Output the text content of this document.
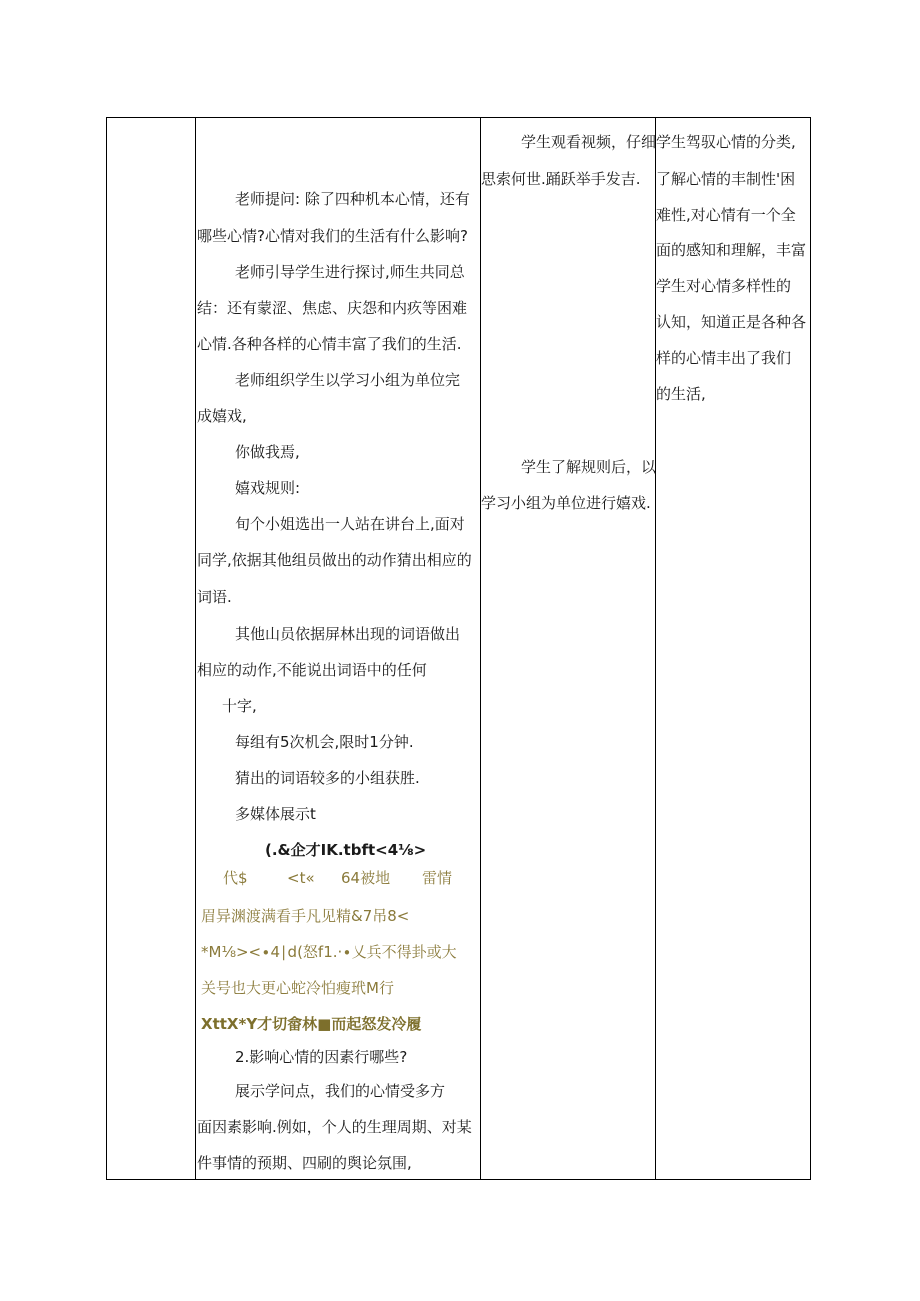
老师提问: 除了四种机本心情，还有
哪些心情?心情对我们的生活有什么影响?
老师引导学生进行探讨,师生共同总
结：还有蒙涩、焦虑、庆怨和内疚等困难
心情.各种各样的心情丰富了我们的生活.
老师组织学生以学习小组为单位完
成嬉戏,
你做我焉,
嬉戏规则:
旬个小姐选出一人站在讲台上,面对
同学,依据其他组员做出的动作猜出相应的
词语.
其他山员依据屏林出现的词语做出
相应的动作,不能说出词语中的任何
十字,
每组有5次机会,限时1分钟.
猜出的词语较多的小组获胜.
多媒体展示t
(.&企才IK.tbft<4⅛>
代$	<t« 64被地 雷情
眉异渊渡满看手凡见精&7吊8<
*M⅛><∙4∣d(怒f1.·∙乂兵不得卦或大
关号也大更心蛇冷怕瘦玳M行
XttX*Y才切畲林■而起怒发冷履
2.影响心情的因素行哪些?
展示学问点，我们的心情受多方
面因素影响.例如，个人的生理周期、对某
件事情的预期、四刷的舆论氛围,
学生观看视频，仔细
思索何世.踊跃举手发吉.
学生了解规则后，以
学习小组为单位进行嬉戏.
学生驾驭心情的分类,
了解心情的丰制性'困
难性,对心情有一个全
面的感知和理解，丰富
学生对心情多样性的
认知，知道正是各种各
样的心情丰出了我们
的生活,
